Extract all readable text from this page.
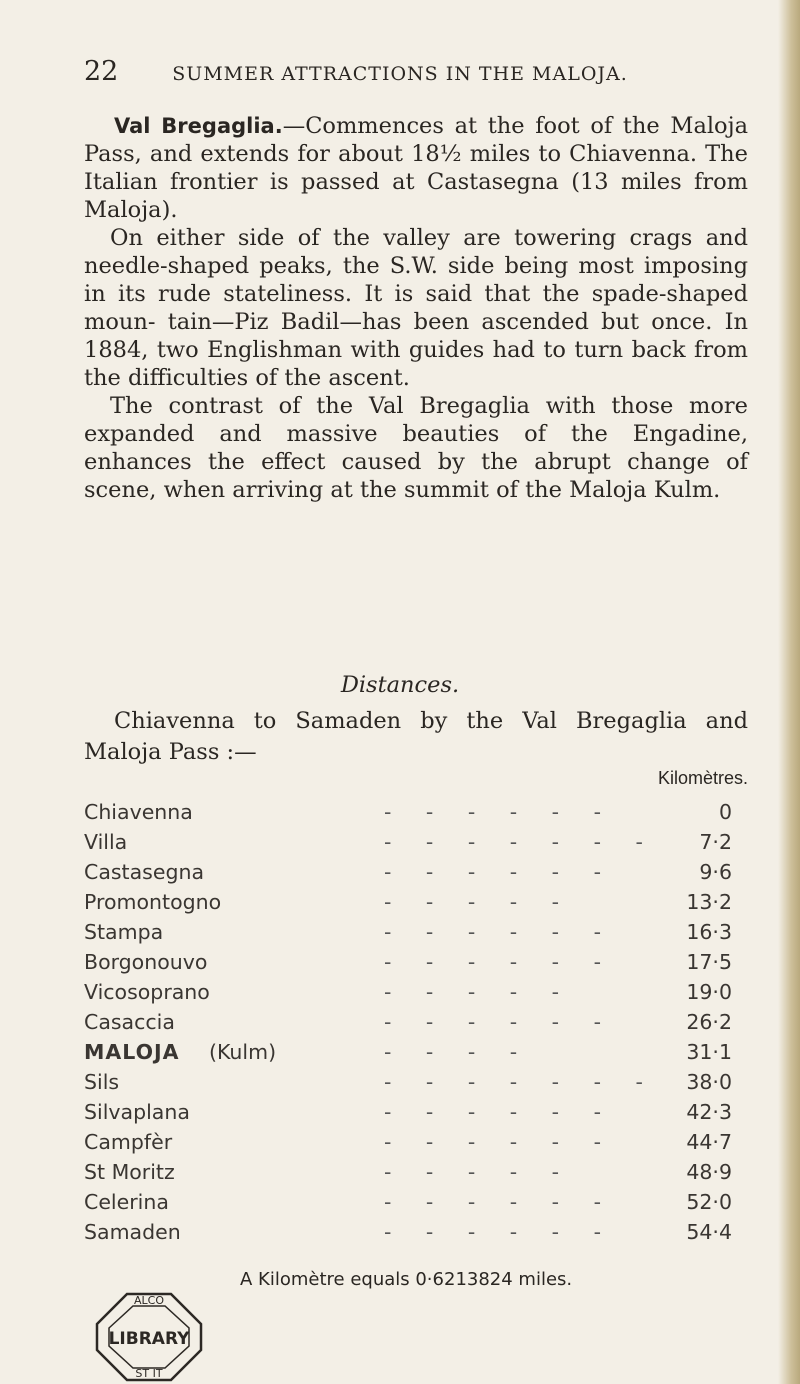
22	SUMMER ATTRACTIONS IN THE MALOJA.

Val Bregaglia.—Commences at the foot of the Maloja Pass, and extends for about 18½ miles to Chiavenna. The Italian frontier is passed at Castasegna (13 miles from Maloja).

On either side of the valley are towering crags and needle-shaped peaks, the S.W. side being most imposing in its rude stateliness. It is said that the spade-shaped moun- tain—Piz Badil—has been ascended but once. In 1884, two Englishman with guides had to turn back from the difficulties of the ascent.

The contrast of the Val Bregaglia with those more expanded and massive beauties of the Engadine, enhances the effect caused by the abrupt change of scene, when arriving at the summit of the Maloja Kulm.

Distances.
Chiavenna to Samaden by the Val Bregaglia and Maloja Pass :—
Kilomètres.
Chiavenna	- - - - - -	0
Villa	- - - - - - -	7·2
Castasegna	- - - - - -	9·6
Promontogno	- - - - -	13·2
Stampa	- - - - - -	16·3
Borgonouvo	- - - - - -	17·5
Vicosoprano	- - - - -	19·0
Casaccia	- - - - - -	26·2
MALOJA (Kulm)	- - - -	31·1
Sils	- - - - - - -	38·0
Silvaplana	- - - - - -	42·3
Campfèr	- - - - - -	44·7
St Moritz	- - - - -	48·9
Celerina	- - - - - -	52·0
Samaden	- - - - - -	54·4
A Kilomètre equals 0·6213824 miles.
ALCO
LIBRARY
ST IT
